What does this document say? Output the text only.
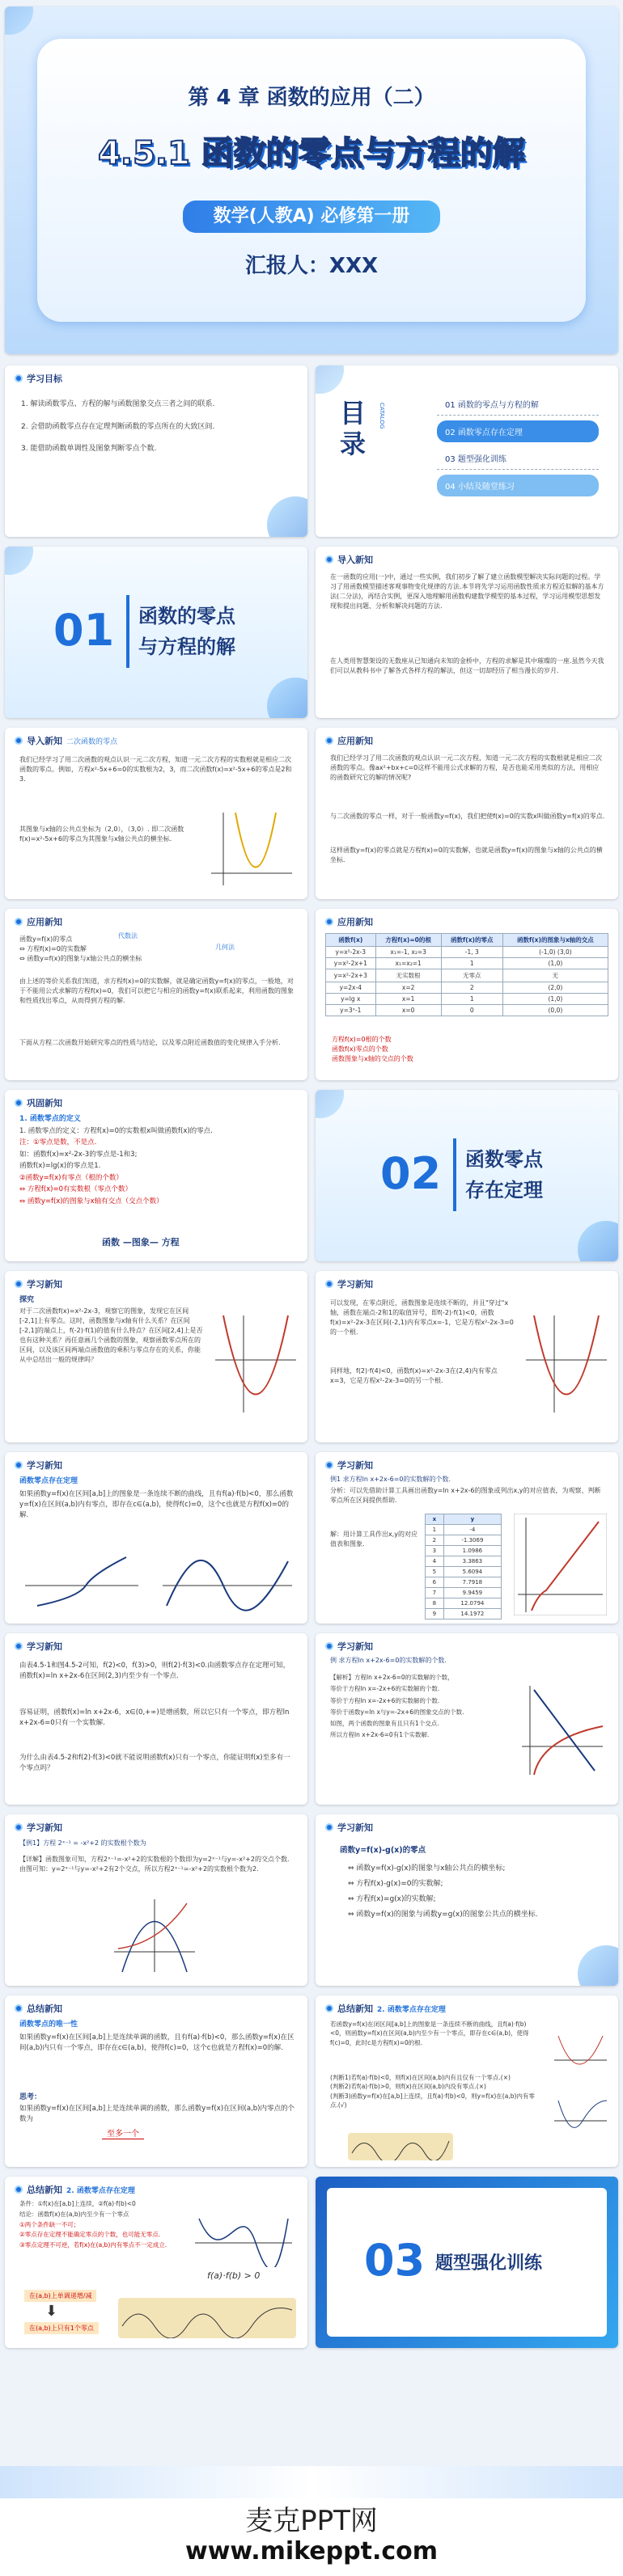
第 4 章 函数的应用（二）
4.5.1 函数的零点与方程的解
数学(人教A) 必修第一册
汇报人：XXX
学习目标
1. 解读函数零点、方程的解与函数图象交点三者之间的联系.
2. 会借助函数零点存在定理判断函数的零点所在的大致区间.
3. 能借助函数单调性及图象判断零点个数.
目录
CATALOG	01 函数的零点与方程的解
02 函数零点存在定理
03 题型强化训练
04 小结及随堂练习
01 函数的零点
与方程的解
导入新知
在一函数的应用(一)中，通过一些实例，我们初步了解了建立函数模型解决实际问题的过程。学习了用函数模型描述客观事物变化规律的方法.本节将先学习运用函数性质求方程近似解的基本方法(二分法)，再结合实例，更深入地理解用函数构建数学模型的基本过程，学习运用模型思想发现和提出问题、分析和解决问题的方法.
在人类用智慧架设的无数座从已知通向未知的金桥中，方程的求解是其中璀璨的一座.虽然今天我们可以从教科书中了解各式各样方程的解法，但这一切却经历了相当漫长的岁月.
导入新知 二次函数的零点
我们已经学习了用二次函数的观点认识一元二次方程，知道一元二次方程的实数根就是相应二次函数的零点。例如，方程x²-5x+6=0的实数根为2，3，而二次函数f(x)=x²-5x+6的零点是2和3.
其图象与x轴的公共点坐标为（2,0），（3,0）. 即二次函数f(x)=x²-5x+6的零点为其图象与x轴公共点的横坐标.
应用新知
我们已经学习了用二次函数的观点认识一元二次方程，知道一元二次方程的实数根就是相应二次函数的零点。像ax²+bx+c=0这样不能用公式求解的方程，是否也能采用类似的方法，用相应的函数研究它的解的情况呢?
与二次函数的零点一样，对于一般函数y=f(x)，我们把使f(x)=0的实数x叫做函数y=f(x)的零点.
这样函数y=f(x)的零点就是方程f(x)=0的实数解，也就是函数y=f(x)的图象与x轴的公共点的横坐标.
应用新知
函数y=f(x)的零点
⇔ 方程f(x)=0的实数解
⇔ 函数y=f(x)的图象与x轴公共点的横坐标
代数法
几何法
由上述的等价关系我们知道，求方程f(x)=0的实数解，就是确定函数y=f(x)的零点，一般地，对于不能用公式求解的方程f(x)=0，我们可以把它与相应的函数y=f(x)联系起来，利用函数的图象和性质找出零点，从而得到方程的解.
下面从方程二次函数开始研究零点的性质与结论，以及零点附近函数值的变化规律入手分析.
应用新知
函数f(x)	方程f(x)=0的根	函数f(x)的零点	函数f(x)的图象与x轴的交点
y=x²-2x-3	x₁=-1, x₂=3	-1, 3	(-1,0) (3,0)
y=x²-2x+1	x₁=x₂=1	1	(1,0)
y=x²-2x+3	无实数根	无零点	无
y=2x-4	x=2	2	(2,0)
y=lg x	x=1	1	(1,0)
y=3ˣ-1	x=0	0	(0,0)
方程f(x)=0根的个数
函数f(x)零点的个数
函数图象与x轴的交点的个数
巩固新知
1. 函数零点的定义
1. 函数零点的定义：方程f(x)=0的实数根x叫做函数f(x)的零点.
注：①零点是数，不是点.
如：函数f(x)=x²-2x-3的零点是-1和3;
函数f(x)=lg(x)的零点是1.
②函数y=f(x)有零点（根的个数）
⇔ 方程f(x)=0有实数根（零点个数）
⇔ 函数y=f(x)的图象与x轴有交点（交点个数）
函数 —图象— 方程
02 函数零点
存在定理
学习新知
探究
对于二次函数f(x)=x²-2x-3，观察它的图象，发现它在区间[-2,1]上有零点。这时，函数图象与x轴有什么关系？在区间[-2,1]的端点上，f(-2)·f(1)的值有什么特点？在区间[2,4]上是否也有这种关系？再任意画几个函数的图象，观察函数零点所在的区间，以及该区间两端点函数值的乘积与零点存在的关系，你能从中总结出一般的规律吗？
学习新知
可以发现，在零点附近，函数图象是连续不断的，并且"穿过"x轴，函数在端点-2和1的取值异号，即f(-2)·f(1)<0，函数f(x)=x²-2x-3在区间(-2,1)内有零点x=-1，它是方程x²-2x-3=0的一个根.
同样地，f(2)·f(4)<0，函数f(x)=x²-2x-3在(2,4)内有零点x=3，它是方程x²-2x-3=0的另一个根.
学习新知
函数零点存在定理
如果函数y=f(x)在区间[a,b]上的图象是一条连续不断的曲线，且有f(a)·f(b)<0，那么函数y=f(x)在区间(a,b)内有零点，即存在c∈(a,b)，使得f(c)=0，这个c也就是方程f(x)=0的解.
学习新知
例1 求方程ln x+2x-6=0的实数解的个数.
分析：可以先借助计算工具画出函数y=ln x+2x-6的图象或列出x,y的对应值表，为观察、判断零点所在区间提供帮助.
解：用计算工具作出x,y的对应值表和图象.
x	y
1	-4
2	-1.3069
3	1.0986
4	3.3863
5	5.6094
6	7.7918
7	9.9459
8	12.0794
9	14.1972
学习新知
由表4.5-1和图4.5-2可知，f(2)<0，f(3)>0，则f(2)·f(3)<0.由函数零点存在定理可知，函数f(x)=ln x+2x-6在区间(2,3)内至少有一个零点.
容易证明，函数f(x)=ln x+2x-6，x∈(0,+∞)是增函数，所以它只有一个零点，即方程ln x+2x-6=0只有一个实数解.
为什么由表4.5-2和f(2)·f(3)<0就不能说明函数f(x)只有一个零点，你能证明f(x)至多有一个零点吗？
学习新知
例 求方程ln x+2x-6=0的实数解的个数.
【解析】方程ln x+2x-6=0的实数解的个数，
等价于方程ln x=-2x+6的实数解的个数.
等价于方程ln x=-2x+6的实数解的个数.
等价于函数y=ln x与y=-2x+6的图象交点的个数.
如图，两个函数的图象有且只有1个交点.
所以方程ln x+2x-6=0有1个实数解.
学习新知
【例1】方程 2ˣ⁻¹ = -x²+2 的实数根个数为
【详解】函数图象可知，方程2ˣ⁻¹=-x²+2的实数根的个数即为y=2ˣ⁻¹与y=-x²+2的交点个数.由图可知：y=2ˣ⁻¹与y=-x²+2有2个交点，所以方程2ˣ⁻¹=-x²+2的实数根个数为2.
学习新知
函数y=f(x)-g(x)的零点
⇔ 函数y=f(x)-g(x)的图象与x轴公共点的横坐标;
⇔ 方程f(x)-g(x)=0的实数解;
⇔ 方程f(x)=g(x)的实数解;
⇔ 函数y=f(x)的图象与函数y=g(x)的图象公共点的横坐标.
总结新知
函数零点的唯一性
如果函数y=f(x)在区间[a,b]上是连续单调的函数，且有f(a)·f(b)<0，那么函数y=f(x)在区间(a,b)内只有一个零点，即存在c∈(a,b)，使得f(c)=0，这个c也就是方程f(x)=0的解.
思考：
如果函数y=f(x)在区间[a,b]上是连续单调的函数，那么函数y=f(x)在区间(a,b)内零点的个数为
至多一个
总结新知 2. 函数零点存在定理
若函数y=f(x)在闭区间[a,b]上的图象是一条连续不断的曲线，且f(a)·f(b)<0，则函数y=f(x)在区间(a,b)内至少有一个零点，即存在c∈(a,b)，使得f(c)=0，此时c是方程f(x)=0的根.
(判断1)若f(a)·f(b)<0，则f(x)在区间(a,b)内有且仅有一个零点.(×)
(判断2)若f(a)·f(b)>0，则f(x)在区间(a,b)内没有零点.(×)
(判断3)函数y=f(x)在[a,b]上连续，且f(a)·f(b)<0，则y=f(x)在(a,b)内有零点.(√)
总结新知 2. 函数零点存在定理
条件：①f(x)在[a,b]上连续，②f(a)·f(b)<0
结论：函数f(x)在(a,b)内至少有一个零点
①两个条件缺一不可；
②零点存在定理不能确定零点的个数，也可能无零点.
③零点定理不可逆，若f(x)在(a,b)内有零点不一定成立.
在(a,b)上单调递增/减
⬇
在(a,b)上只有1个零点
f(a)·f(b) > 0 03 题型强化训练
麦克PPT网
www.mikeppt.com
